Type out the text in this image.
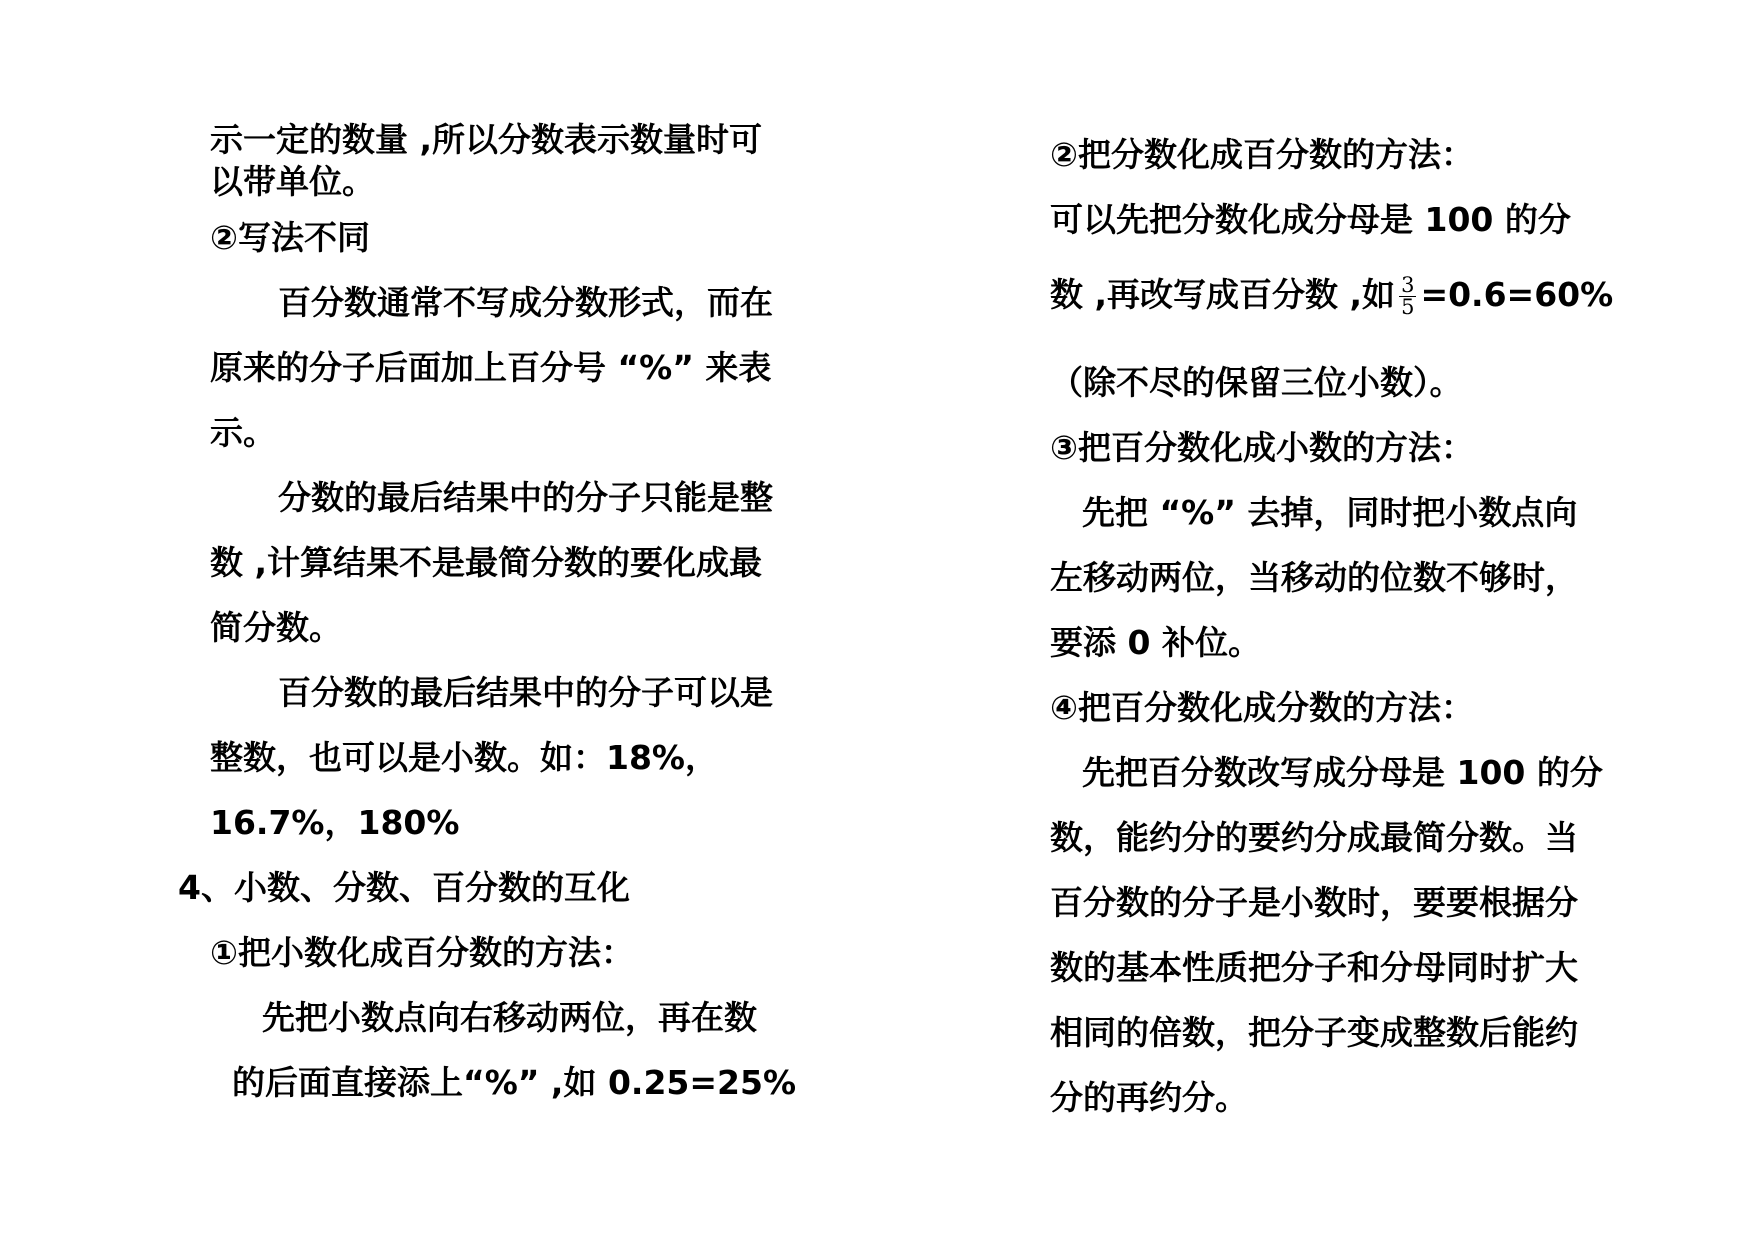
示一定的数量 ,所以分数表示数量时可
以带单位。
②写法不同
百分数通常不写成分数形式，而在
原来的分子后面加上百分号 “%” 来表
示。
分数的最后结果中的分子只能是整
数 ,计算结果不是最简分数的要化成最
简分数。
百分数的最后结果中的分子可以是
整数，也可以是小数。如：18%，
16.7%，180%
4、小数、分数、百分数的互化
①把小数化成百分数的方法：
先把小数点向右移动两位，再在数
的后面直接添上“%” ,如 0.25=25%
②把分数化成百分数的方法：
可以先把分数化成分母是 100 的分
数 ,再改写成百分数 ,如 $\frac{3}{5} =0.6=60\%$
（除不尽的保留三位小数）。
③把百分数化成小数的方法：
先把 “%” 去掉，同时把小数点向
左移动两位，当移动的位数不够时，
要添 0 补位。
④把百分数化成分数的方法：
先把百分数改写成分母是 100 的分
数，能约分的要约分成最简分数。当
百分数的分子是小数时，要要根据分
数的基本性质把分子和分母同时扩大
相同的倍数，把分子变成整数后能约
分的再约分。
